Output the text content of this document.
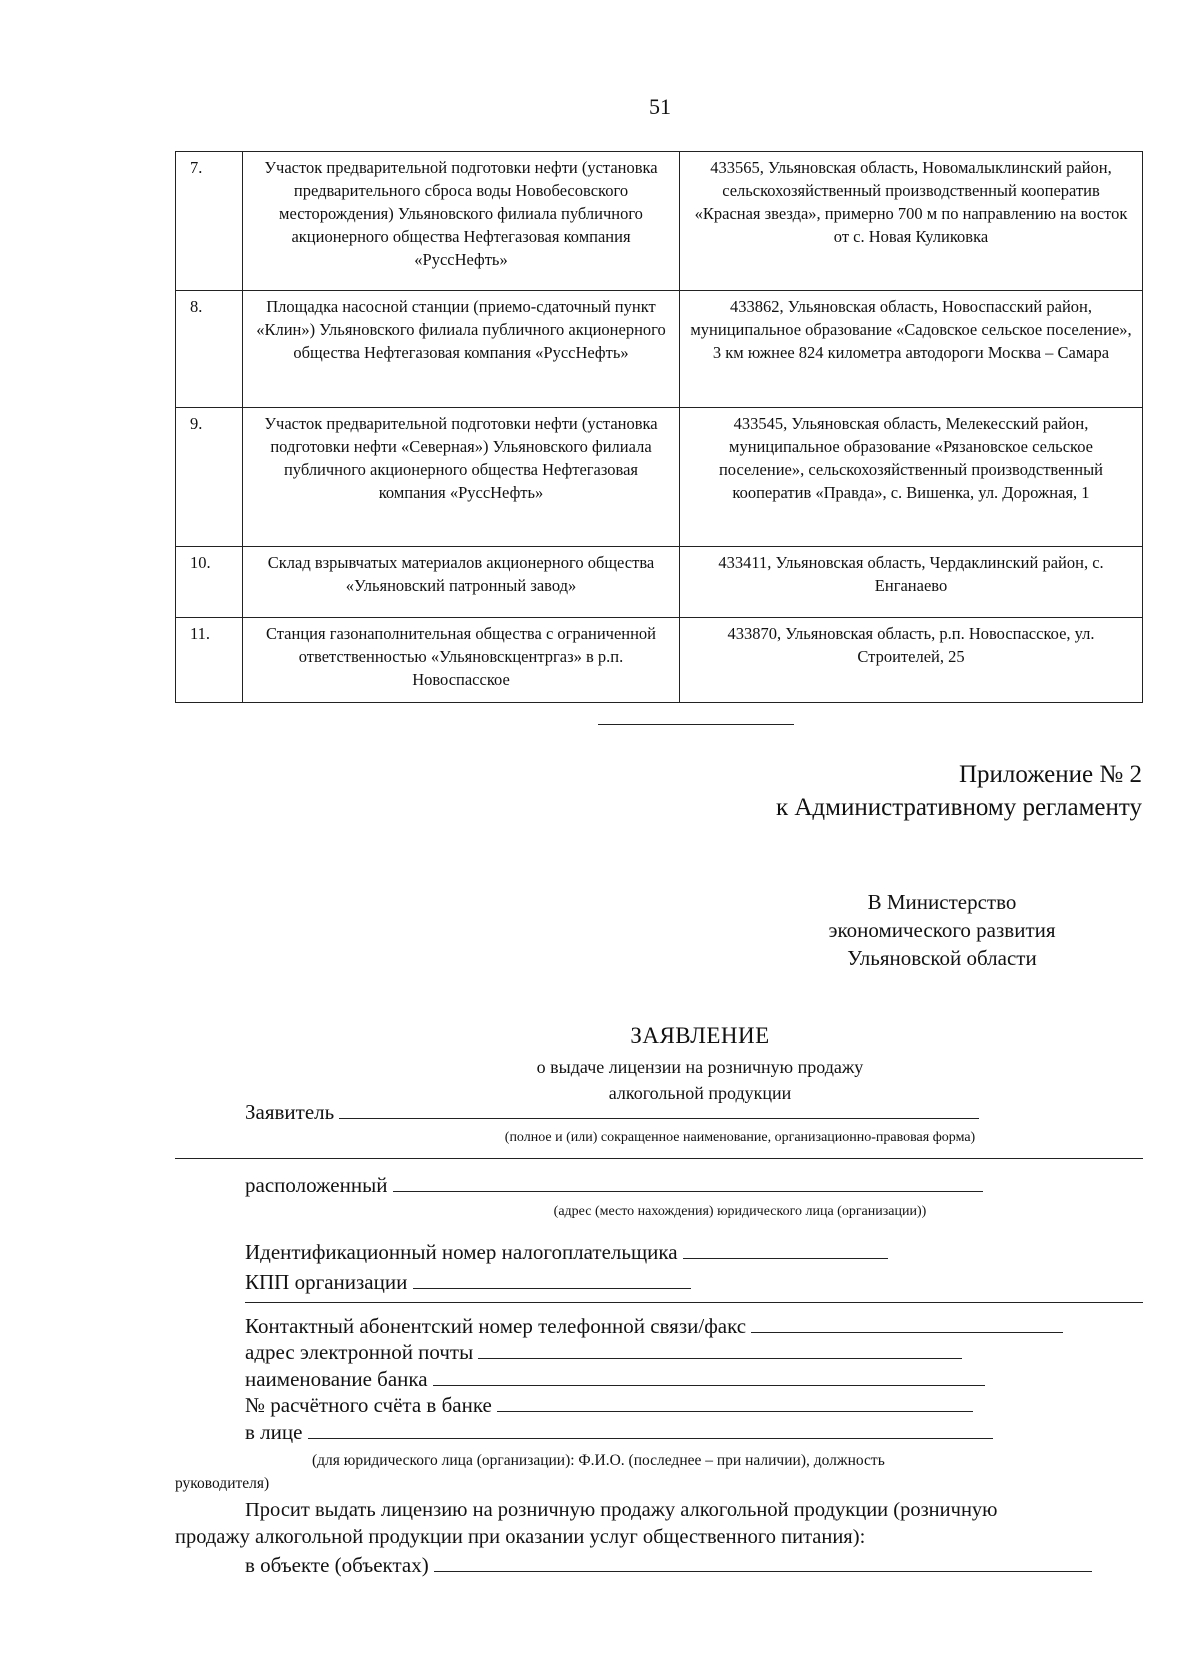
51
7.	Участок предварительной подготовки нефти (установка предварительного сброса воды Новобесовского месторождения) Ульяновского филиала публичного акционерного общества Нефтегазовая компания «РуссНефть»	433565, Ульяновская область, Новомалыклинский район, сельскохозяйственный производственный кооператив «Красная звезда», примерно 700 м по направлению на восток от с. Новая Куликовка
8.	Площадка насосной станции (приемо-сдаточный пункт «Клин») Ульяновского филиала публичного акционерного общества Нефтегазовая компания «РуссНефть»	433862, Ульяновская область, Новоспасский район, муниципальное образование «Садовское сельское поселение», 3 км южнее 824 километра автодороги Москва – Самара
9.	Участок предварительной подготовки нефти (установка подготовки нефти «Северная») Ульяновского филиала публичного акционерного общества Нефтегазовая компания «РуссНефть»	433545, Ульяновская область, Мелекесский район, муниципальное образование «Рязановское сельское поселение», сельскохозяйственный производственный кооператив «Правда», с. Вишенка, ул. Дорожная, 1
10.	Склад взрывчатых материалов акционерного общества «Ульяновский патронный завод»	433411, Ульяновская область, Чердаклинский район, с. Енганаево
11.	Станция газонаполнительная общества с ограниченной ответственностью «Ульяновскцентргаз» в р.п. Новоспасское	433870, Ульяновская область, р.п. Новоспасское, ул. Строителей, 25
Приложение № 2
к Административному регламенту
В Министерство
экономического развития
Ульяновской области
ЗАЯВЛЕНИЕ
о выдаче лицензии на розничную продажу
алкогольной продукции
Заявитель
(полное и (или) сокращенное наименование, организационно-правовая форма)
расположенный
(адрес (место нахождения) юридического лица (организации))
Идентификационный номер налогоплательщика
КПП организации
Контактный абонентский номер телефонной связи/факс
адрес электронной почты
наименование банка
№ расчётного счёта в банке
в лице
(для юридического лица (организации): Ф.И.О. (последнее – при наличии), должность
руководителя)
Просит выдать лицензию на розничную продажу алкогольной продукции (розничную
продажу алкогольной продукции при оказании услуг общественного питания):
в объекте (объектах)
